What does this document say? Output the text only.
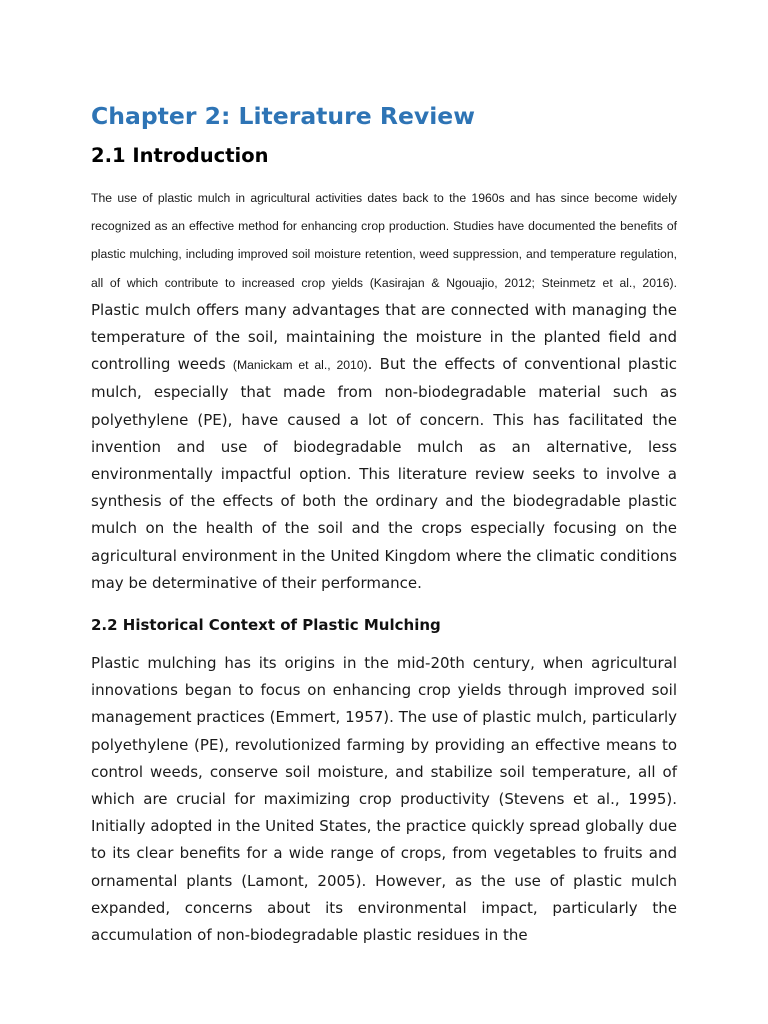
Chapter 2: Literature Review
2.1 Introduction

The use of plastic mulch in agricultural activities dates back to the 1960s and has since become widely recognized as an effective method for enhancing crop production. Studies have documented the benefits of plastic mulching, including improved soil moisture retention, weed suppression, and temperature regulation, all of which contribute to increased crop yields (Kasirajan & Ngouajio, 2012; Steinmetz et al., 2016). Plastic mulch offers many advantages that are connected with managing the temperature of the soil, maintaining the moisture in the planted field and controlling weeds (Manickam et al., 2010). But the effects of conventional plastic mulch, especially that made from non-biodegradable material such as polyethylene (PE), have caused a lot of concern. This has facilitated the invention and use of biodegradable mulch as an alternative, less environmentally impactful option. This literature review seeks to involve a synthesis of the effects of both the ordinary and the biodegradable plastic mulch on the health of the soil and the crops especially focusing on the agricultural environment in the United Kingdom where the climatic conditions may be determinative of their performance.

2.2 Historical Context of Plastic Mulching

Plastic mulching has its origins in the mid-20th century, when agricultural innovations began to focus on enhancing crop yields through improved soil management practices (Emmert, 1957). The use of plastic mulch, particularly polyethylene (PE), revolutionized farming by providing an effective means to control weeds, conserve soil moisture, and stabilize soil temperature, all of which are crucial for maximizing crop productivity (Stevens et al., 1995). Initially adopted in the United States, the practice quickly spread globally due to its clear benefits for a wide range of crops, from vegetables to fruits and ornamental plants (Lamont, 2005). However, as the use of plastic mulch expanded, concerns about its environmental impact, particularly the accumulation of non-biodegradable plastic residues in the
